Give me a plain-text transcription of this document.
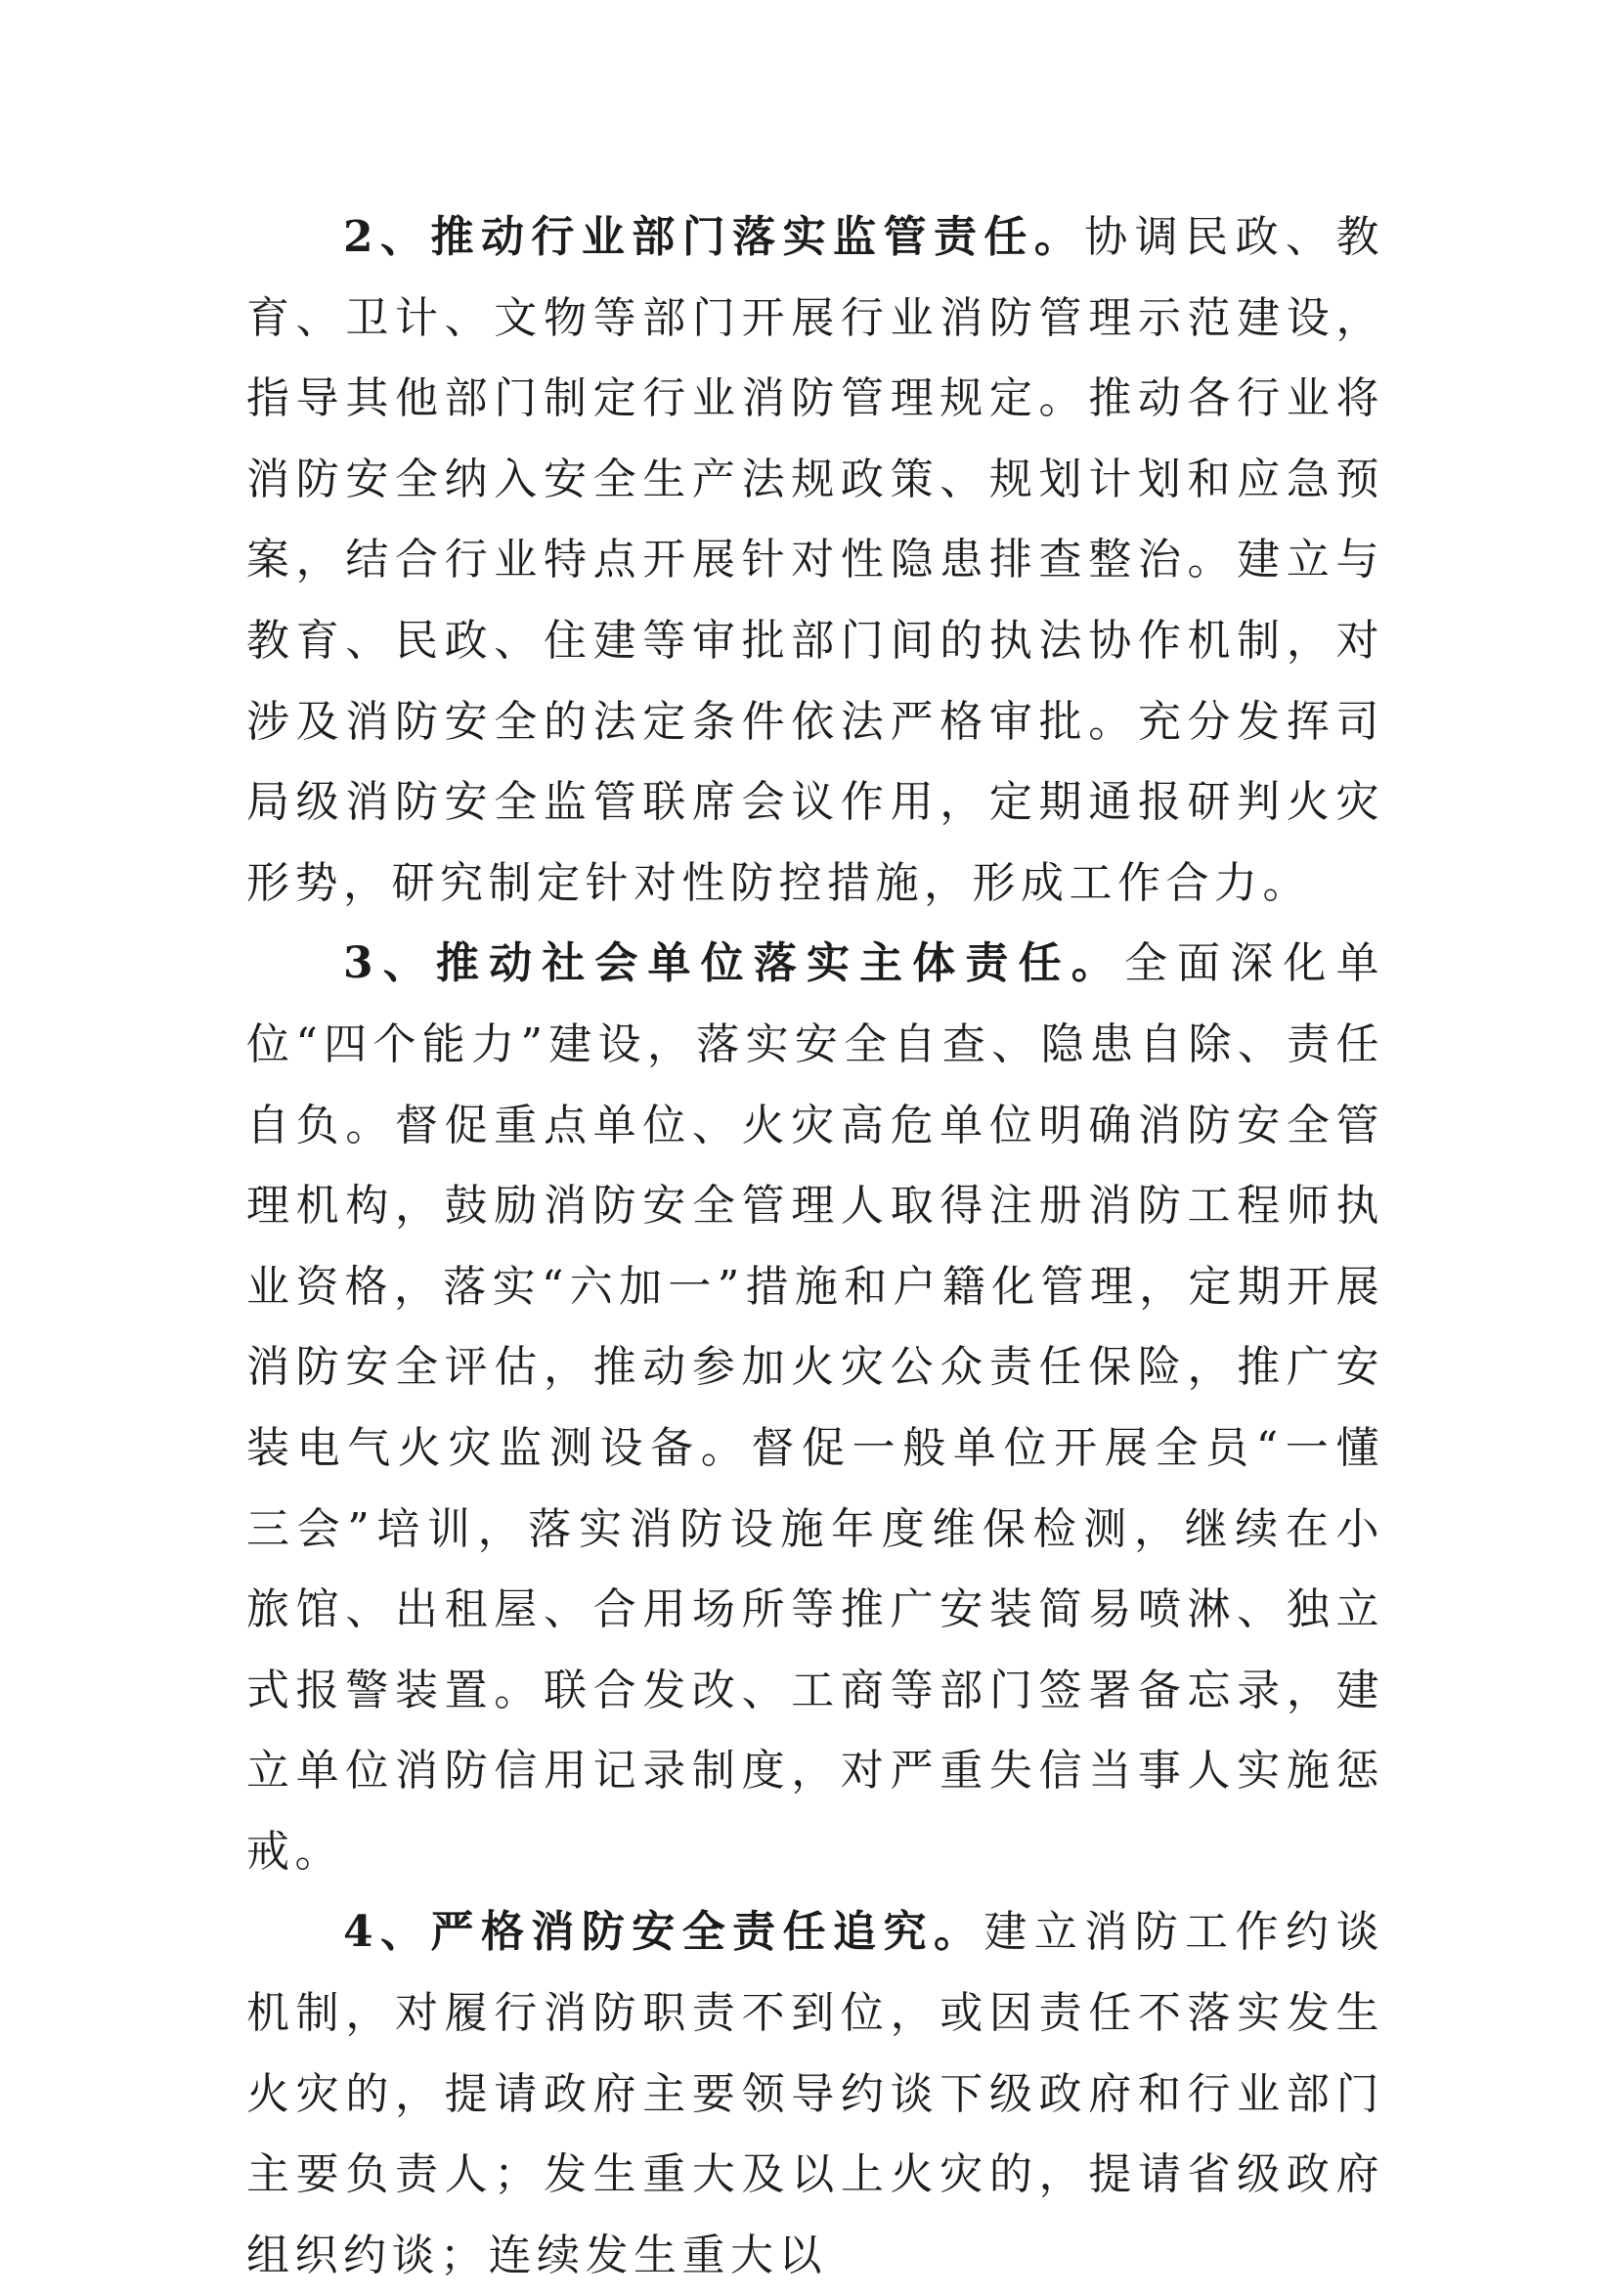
2、推动行业部门落实监管责任。协调民政、教育、卫计、文物等部门开展行业消防管理示范建设，指导其他部门制定行业消防管理规定。推动各行业将消防安全纳入安全生产法规政策、规划计划和应急预案，结合行业特点开展针对性隐患排查整治。建立与教育、民政、住建等审批部门间的执法协作机制，对涉及消防安全的法定条件依法严格审批。充分发挥司局级消防安全监管联席会议作用，定期通报研判火灾形势，研究制定针对性防控措施，形成工作合力。

3、推动社会单位落实主体责任。全面深化单位“四个能力”建设，落实安全自查、隐患自除、责任自负。督促重点单位、火灾高危单位明确消防安全管理机构，鼓励消防安全管理人取得注册消防工程师执业资格，落实“六加一”措施和户籍化管理，定期开展消防安全评估，推动参加火灾公众责任保险，推广安装电气火灾监测设备。督促一般单位开展全员“一懂三会”培训，落实消防设施年度维保检测，继续在小旅馆、出租屋、合用场所等推广安装简易喷淋、独立式报警装置。联合发改、工商等部门签署备忘录，建立单位消防信用记录制度，对严重失信当事人实施惩戒。

4、严格消防安全责任追究。建立消防工作约谈机制，对履行消防职责不到位，或因责任不落实发生火灾的，提请政府主要领导约谈下级政府和行业部门主要负责人；发生重大及以上火灾的，提请省级政府组织约谈；连续发生重大以
